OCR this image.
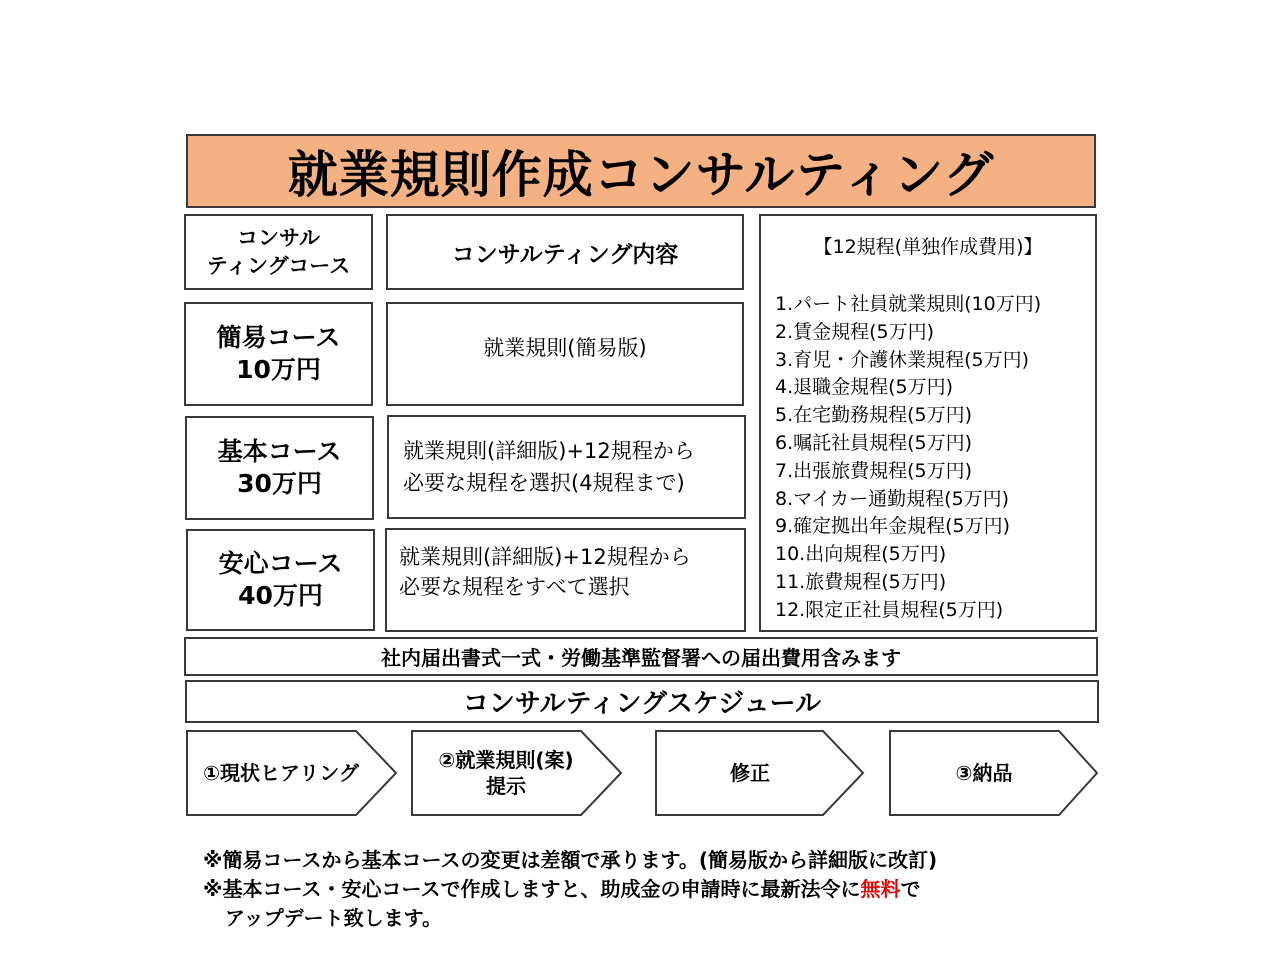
就業規則作成コンサルティング
コンサル
ティングコース	コンサルティング内容
簡易コース
10万円
就業規則(簡易版)
基本コース
30万円
就業規則(詳細版)+12規程から
必要な規程を選択(4規程まで)
安心コース
40万円
就業規則(詳細版)+12規程から
必要な規程をすべて選択
【12規程(単独作成費用)】
1.パート社員就業規則(10万円)
2.賃金規程(5万円)
3.育児・介護休業規程(5万円)
4.退職金規程(5万円)
5.在宅勤務規程(5万円)
6.嘱託社員規程(5万円)
7.出張旅費規程(5万円)
8.マイカー通勤規程(5万円)
9.確定拠出年金規程(5万円)
10.出向規程(5万円)
11.旅費規程(5万円)
12.限定正社員規程(5万円)
社内届出書式一式・労働基準監督署への届出費用含みます
コンサルティングスケジュール
①現状ヒアリング
②就業規則(案)
提示
修正	③納品

※簡易コースから基本コースの変更は差額で承ります。(簡易版から詳細版に改訂)

※基本コース・安心コースで作成しますと、助成金の申請時に最新法令に無料で

アップデート致します。
